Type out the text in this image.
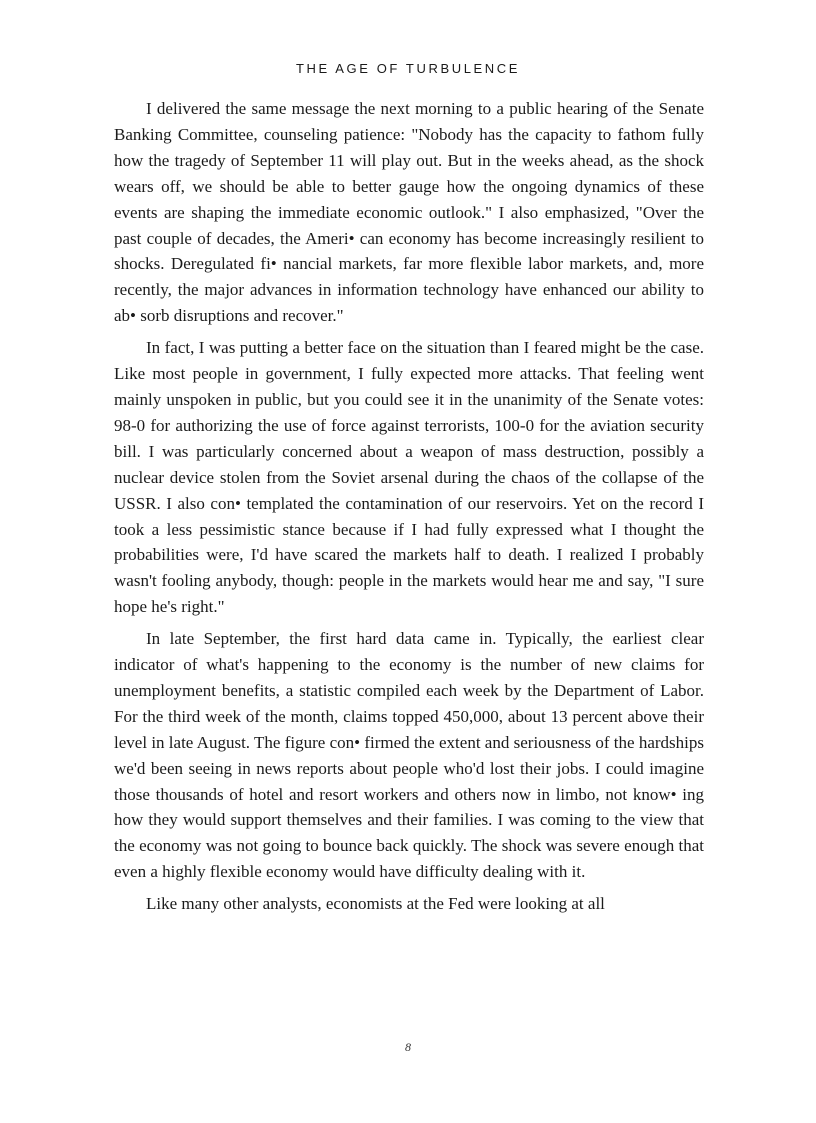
THE AGE OF TURBULENCE

I delivered the same message the next morning to a public hearing of the Senate Banking Committee, counseling patience: "Nobody has the capacity to fathom fully how the tragedy of September 11 will play out. But in the weeks ahead, as the shock wears off, we should be able to better gauge how the ongoing dynamics of these events are shaping the immediate economic outlook." I also emphasized, "Over the past couple of decades, the Ameri• can economy has become increasingly resilient to shocks. Deregulated fi• nancial markets, far more flexible labor markets, and, more recently, the major advances in information technology have enhanced our ability to ab• sorb disruptions and recover."

In fact, I was putting a better face on the situation than I feared might be the case. Like most people in government, I fully expected more attacks. That feeling went mainly unspoken in public, but you could see it in the unanimity of the Senate votes: 98-0 for authorizing the use of force against terrorists, 100-0 for the aviation security bill. I was particularly concerned about a weapon of mass destruction, possibly a nuclear device stolen from the Soviet arsenal during the chaos of the collapse of the USSR. I also con• templated the contamination of our reservoirs. Yet on the record I took a less pessimistic stance because if I had fully expressed what I thought the probabilities were, I'd have scared the markets half to death. I realized I probably wasn't fooling anybody, though: people in the markets would hear me and say, "I sure hope he's right."

In late September, the first hard data came in. Typically, the earliest clear indicator of what's happening to the economy is the number of new claims for unemployment benefits, a statistic compiled each week by the Department of Labor. For the third week of the month, claims topped 450,000, about 13 percent above their level in late August. The figure con• firmed the extent and seriousness of the hardships we'd been seeing in news reports about people who'd lost their jobs. I could imagine those thousands of hotel and resort workers and others now in limbo, not know• ing how they would support themselves and their families. I was coming to the view that the economy was not going to bounce back quickly. The shock was severe enough that even a highly flexible economy would have difficulty dealing with it.

Like many other analysts, economists at the Fed were looking at all

8
